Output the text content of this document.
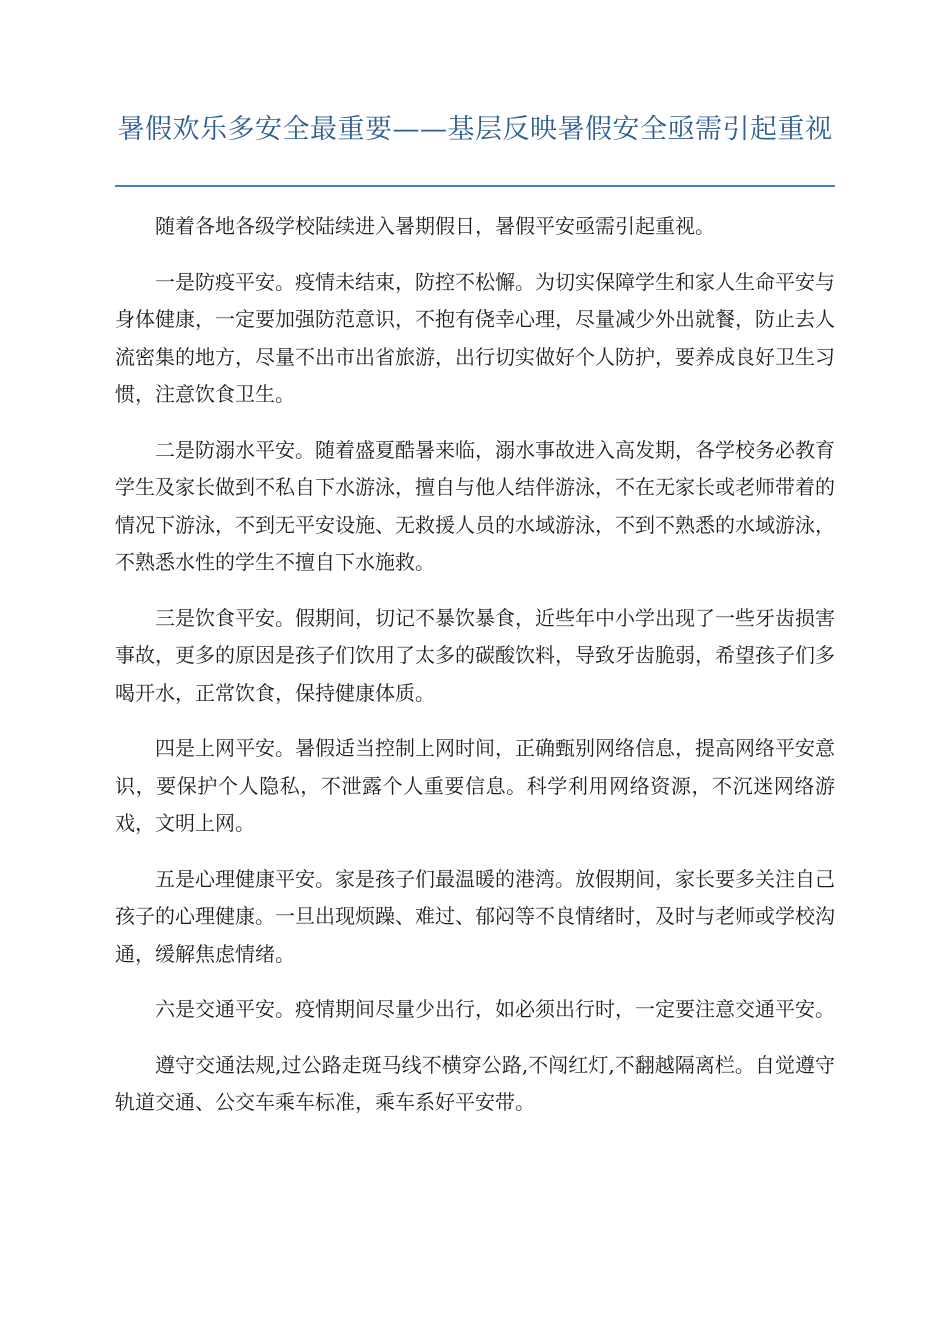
暑假欢乐多安全最重要——基层反映暑假安全亟需引起重视

随着各地各级学校陆续进入暑期假日，暑假平安亟需引起重视。

一是防疫平安。疫情未结束，防控不松懈。为切实保障学生和家人生命平安与身体健康，一定要加强防范意识，不抱有侥幸心理，尽量减少外出就餐，防止去人流密集的地方，尽量不出市出省旅游，出行切实做好个人防护，要养成良好卫生习惯，注意饮食卫生。

二是防溺水平安。随着盛夏酷暑来临，溺水事故进入高发期，各学校务必教育学生及家长做到不私自下水游泳，擅自与他人结伴游泳，不在无家长或老师带着的情况下游泳，不到无平安设施、无救援人员的水域游泳，不到不熟悉的水域游泳，不熟悉水性的学生不擅自下水施救。

三是饮食平安。假期间，切记不暴饮暴食，近些年中小学出现了一些牙齿损害事故，更多的原因是孩子们饮用了太多的碳酸饮料，导致牙齿脆弱，希望孩子们多喝开水，正常饮食，保持健康体质。

四是上网平安。暑假适当控制上网时间，正确甄别网络信息，提高网络平安意识，要保护个人隐私，不泄露个人重要信息。科学利用网络资源，不沉迷网络游戏，文明上网。

五是心理健康平安。家是孩子们最温暖的港湾。放假期间，家长要多关注自己孩子的心理健康。一旦出现烦躁、难过、郁闷等不良情绪时，及时与老师或学校沟通，缓解焦虑情绪。

六是交通平安。疫情期间尽量少出行，如必须出行时，一定要注意交通平安。

遵守交通法规,过公路走斑马线不横穿公路,不闯红灯,不翻越隔离栏。自觉遵守轨道交通、公交车乘车标准，乘车系好平安带。
